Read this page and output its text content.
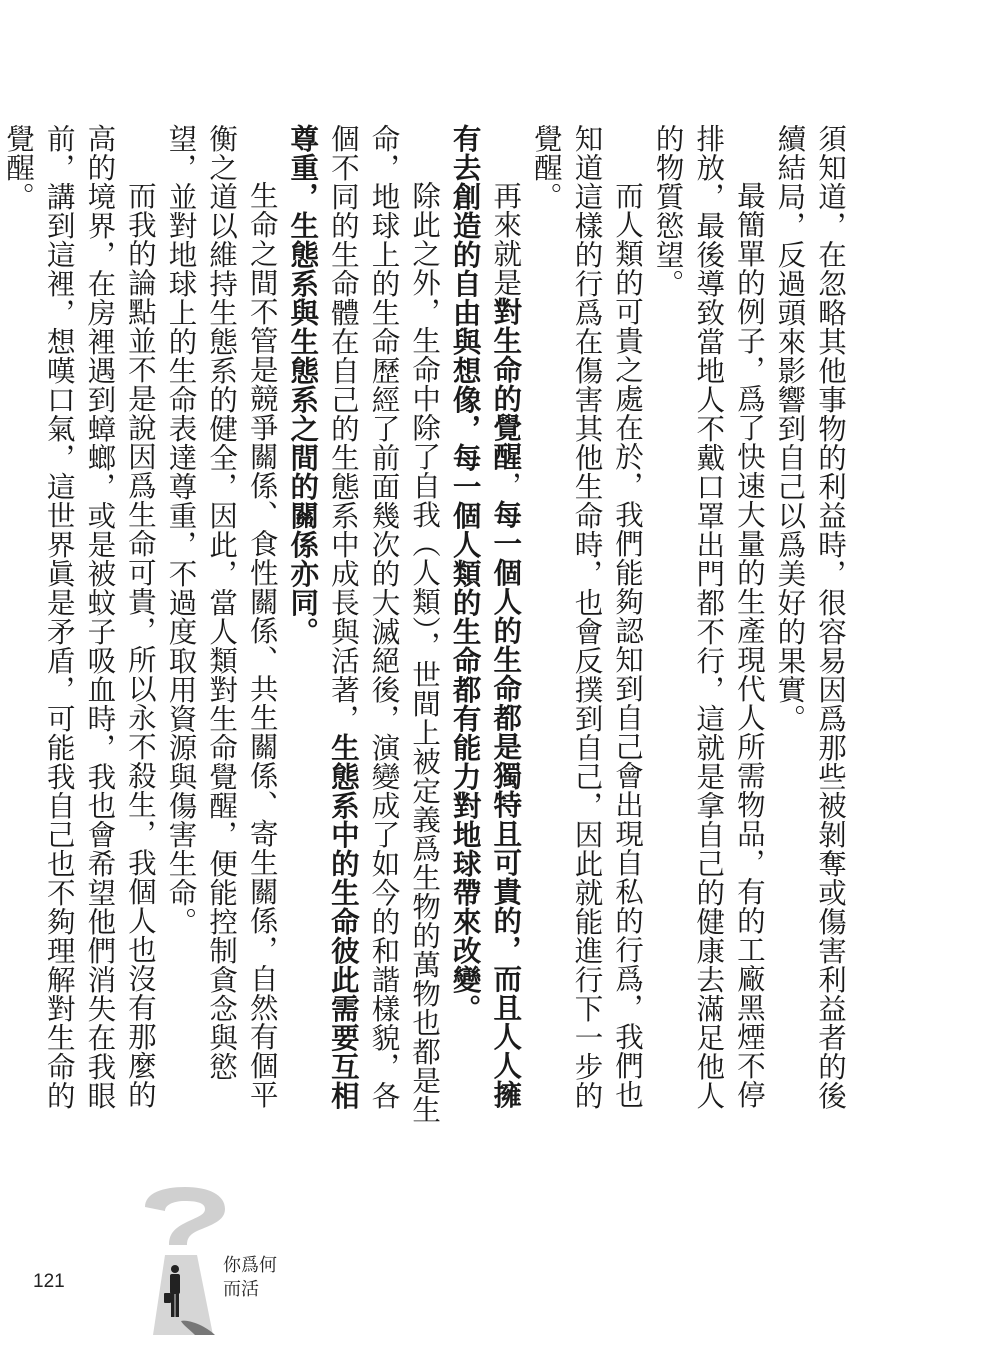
須知道，在忽略其他事物的利益時，很容易因爲那些被剝奪或傷害利益者的後續結局，反過頭來影響到自己以爲美好的果實。

最簡單的例子，爲了快速大量的生產現代人所需物品，有的工廠黑煙不停排放，最後導致當地人不戴口罩出門都不行，這就是拿自己的健康去滿足他人的物質慾望。

而人類的可貴之處在於，我們能夠認知到自己會出現自私的行爲，我們也知道這樣的行爲在傷害其他生命時，也會反撲到自己，因此就能進行下一步的覺醒。

再來就是對生命的覺醒，每一個人的生命都是獨特且可貴的，而且人人擁有去創造的自由與想像，每一個人類的生命都有能力對地球帶來改變。

除此之外，生命中除了自我（人類），世間上被定義爲生物的萬物也都是生命，地球上的生命歷經了前面幾次的大滅絕後，演變成了如今的和諧樣貌，各個不同的生命體在自己的生態系中成長與活著，生態系中的生命彼此需要互相尊重，生態系與生態系之間的關係亦同。

生命之間不管是競爭關係、食性關係、共生關係、寄生關係，自然有個平衡之道以維持生態系的健全，因此，當人類對生命覺醒，便能控制貪念與慾望，並對地球上的生命表達尊重，不過度取用資源與傷害生命。

而我的論點並不是說因爲生命可貴，所以永不殺生，我個人也沒有那麼的高的境界，在房裡遇到蟑螂，或是被蚊子吸血時，我也會希望他們消失在我眼前，講到這裡，想嘆口氣，這世界眞是矛盾，可能我自己也不夠理解對生命的覺醒。

121
你爲何
而活
